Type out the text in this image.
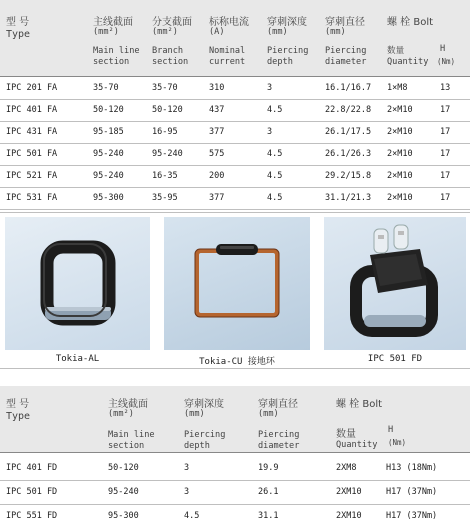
型 号
Type
主线截面
(mm²)
Main line section
分支截面
(mm²)
Branch section
标称电流
(A)
Nominal current
穿刺深度
(mm)
Piercing depth
穿刺直径
(mm)
Piercing diameter
螺 栓 Bolt
数量 Quantity
H
(Nm)
IPC 201 FA	35-70	35-70	310	3	16.1/16.7 1×M8	13
IPC 401 FA	50-120	50-120	437	4.5	22.8/22.8 2×M10	17
IPC 431 FA	95-185	16-95	377	3	26.1/17.5 2×M10	17
IPC 501 FA	95-240	95-240	575	4.5	26.1/26.3 2×M10	17
IPC 521 FA	95-240	16-35	200	4.5	29.2/15.8 2×M10	17
IPC 531 FA	95-300	35-95	377	4.5	31.1/21.3 2×M10	17
Tokia-AL	Tokia-CU 接地环	IPC 501 FD
型 号
Type
主线截面
(mm²)
Main line section
穿刺深度
(mm)
Piercing depth
穿刺直径
(mm)
Piercing diameter
螺 栓 Bolt
数量
Quantity
H
(Nm)
IPC 401 FD	50-120	3	19.9	2XM8	H13 (18Nm)
IPC 501 FD	95-240	3	26.1	2XM10	H17 (37Nm)
IPC 551 FD	95-300	4.5	31.1	2XM10	H17 (37Nm)
